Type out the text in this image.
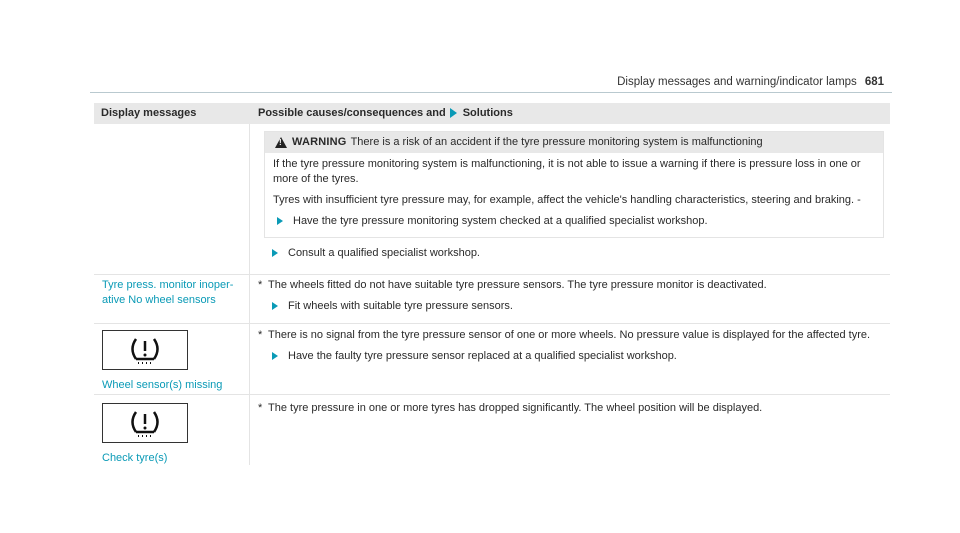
Display messages and warning/indicator lamps 681
Display messages	Possible causes/consequences and Solutions
!
WARNING There is a risk of an accident if the tyre pressure monitoring system is malfunctioning

If the tyre pressure monitoring system is malfunctioning, it is not able to issue a warning if there is pressure loss in one or more of the tyres.

Tyres with insufficient tyre pressure may, for example, affect the vehicle's handling characteristics, steering and braking. -

Have the tyre pressure monitoring system checked at a qualified specialist workshop.
Consult a qualified specialist workshop.
Tyre press. monitor inoper- ative No wheel sensors
* The wheels fitted do not have suitable tyre pressure sensors. The tyre pressure monitor is deactivated.
Fit wheels with suitable tyre pressure sensors.
Wheel sensor(s) missing
* There is no signal from the tyre pressure sensor of one or more wheels. No pressure value is displayed for the affected tyre.
Have the faulty tyre pressure sensor replaced at a qualified specialist workshop.
Check tyre(s)
* The tyre pressure in one or more tyres has dropped significantly. The wheel position will be displayed.
